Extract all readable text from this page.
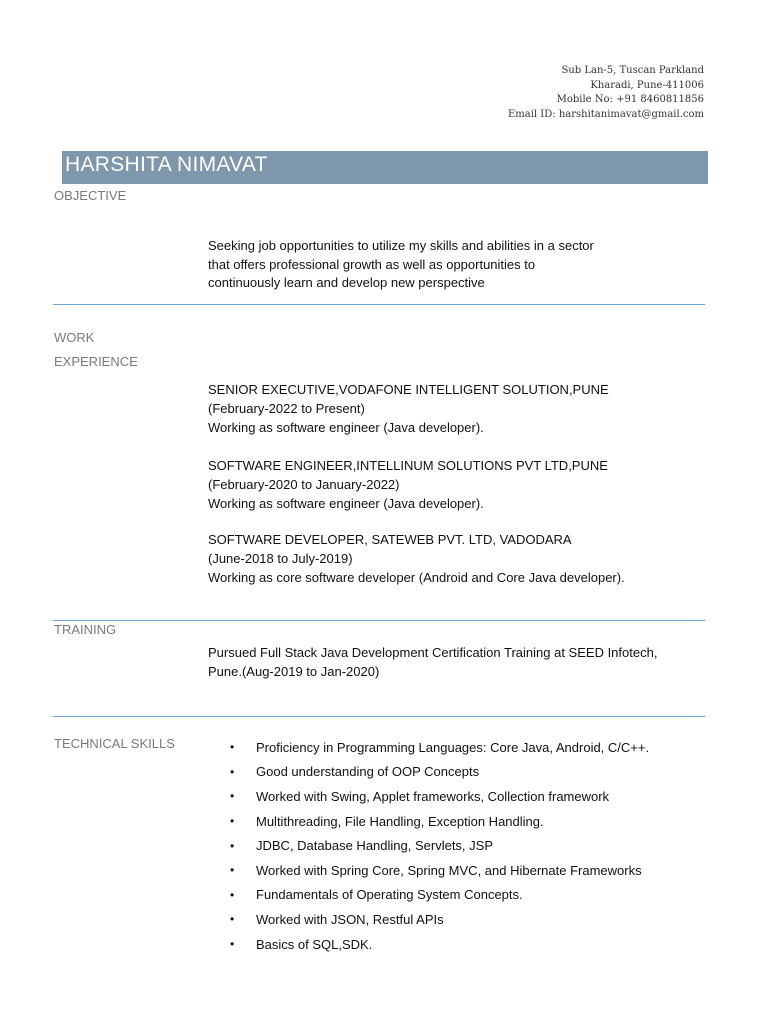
Sub Lan-5, Tuscan Parkland
Kharadi, Pune-411006
Mobile No: +91 8460811856
Email ID: harshitanimavat@gmail.com
HARSHITA NIMAVAT
OBJECTIVE
Seeking job opportunities to utilize my skills and abilities in a sector
that offers professional growth as well as opportunities to
continuously learn and develop new perspective
WORK
EXPERIENCE
SENIOR EXECUTIVE,VODAFONE INTELLIGENT SOLUTION,PUNE
(February-2022 to Present)
Working as software engineer (Java developer).
SOFTWARE ENGINEER,INTELLINUM SOLUTIONS PVT LTD,PUNE
(February-2020 to January-2022)
Working as software engineer (Java developer).
SOFTWARE DEVELOPER, SATEWEB PVT. LTD, VADODARA
(June-2018 to July-2019)
Working as core software developer (Android and Core Java developer).
TRAINING
Pursued Full Stack Java Development Certification Training at SEED Infotech,
Pune.(Aug-2019 to Jan-2020)
TECHNICAL SKILLS	•	Proficiency in Programming Languages: Core Java, Android, C/C++.
•	Good understanding of OOP Concepts
•	Worked with Swing, Applet frameworks, Collection framework
•	Multithreading, File Handling, Exception Handling.
•	JDBC, Database Handling, Servlets, JSP
•	Worked with Spring Core, Spring MVC, and Hibernate Frameworks
•	Fundamentals of Operating System Concepts.
•	Worked with JSON, Restful APIs
•	Basics of SQL,SDK.
